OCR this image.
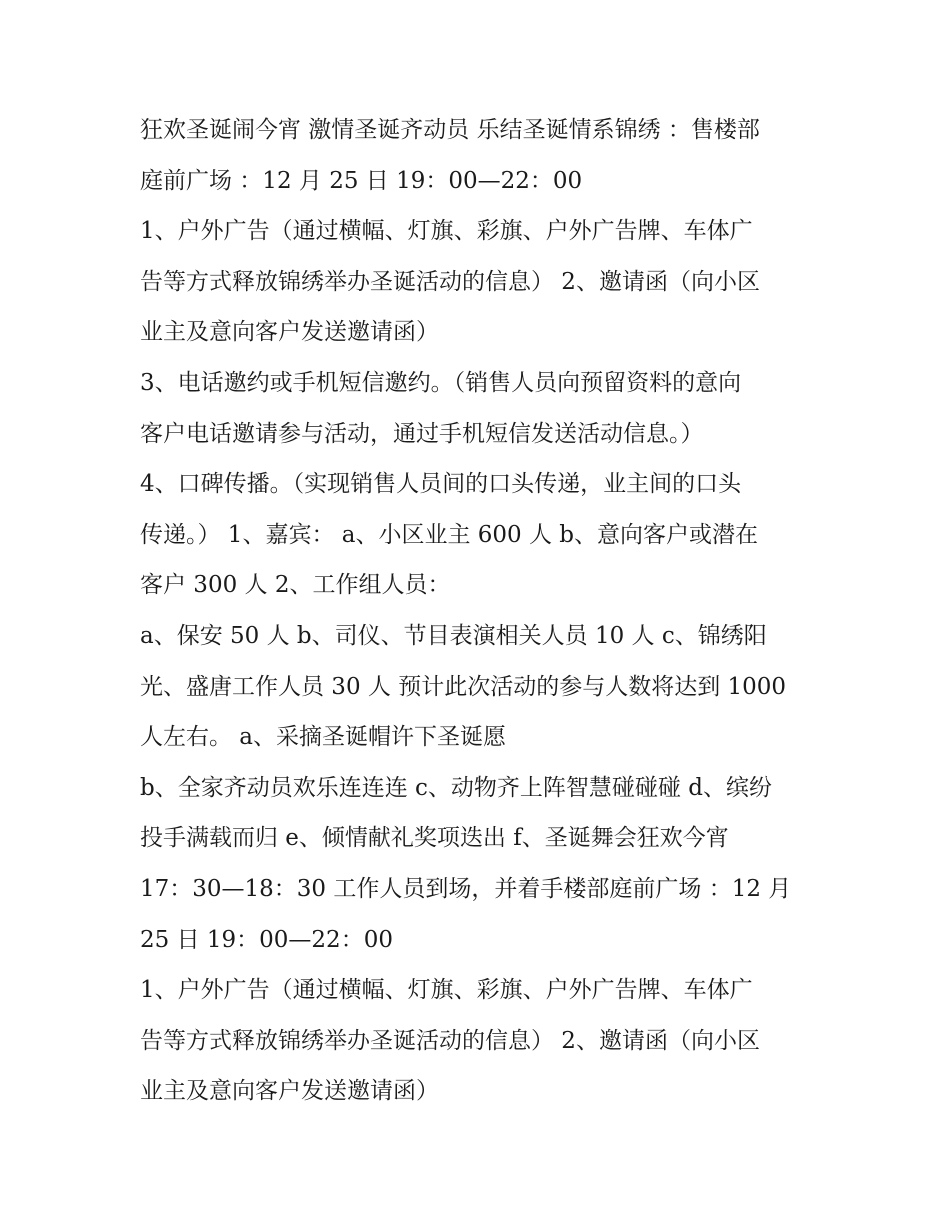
狂欢圣诞闹今宵 激情圣诞齐动员 乐结圣诞情系锦绣 ：售楼部
庭前广场 ：12 月 25 日 19：00—22：00
1、户外广告（通过横幅、灯旗、彩旗、户外广告牌、车体广
告等方式释放锦绣举办圣诞活动的信息） 2、邀请函（向小区
业主及意向客户发送邀请函）
3、电话邀约或手机短信邀约。（销售人员向预留资料的意向
客户电话邀请参与活动，通过手机短信发送活动信息。）
4、口碑传播。（实现销售人员间的口头传递，业主间的口头
传递。） 1、嘉宾： a、小区业主 600 人 b、意向客户或潜在
客户 300 人 2、工作组人员：
a、保安 50 人 b、司仪、节目表演相关人员 10 人 c、锦绣阳
光、盛唐工作人员 30 人 预计此次活动的参与人数将达到 1000
人左右。 a、采摘圣诞帽许下圣诞愿
b、全家齐动员欢乐连连连 c、动物齐上阵智慧碰碰碰 d、缤纷
投手满载而归 e、倾情献礼奖项迭出 f、圣诞舞会狂欢今宵
17：30—18：30 工作人员到场，并着手楼部庭前广场 ：12 月
25 日 19：00—22：00
1、户外广告（通过横幅、灯旗、彩旗、户外广告牌、车体广
告等方式释放锦绣举办圣诞活动的信息） 2、邀请函（向小区
业主及意向客户发送邀请函）
